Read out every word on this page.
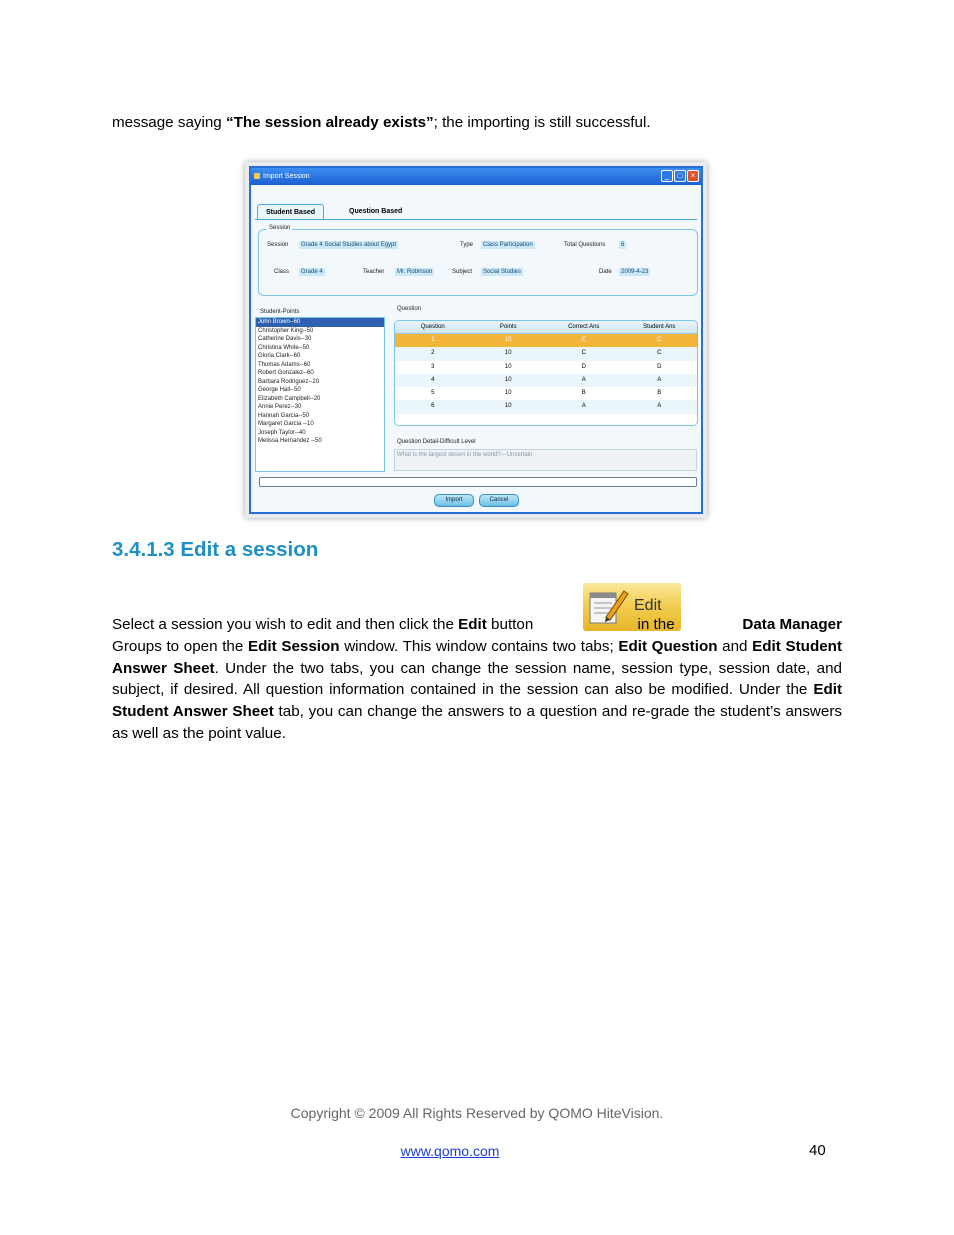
message saying “The session already exists”; the importing is still successful.
Import Session	_	□	×
Student Based	Question Based
Session
Session	Grade 4 Social Studies about Egypt	Type	Class Participation	Total Questions	6
Class	Grade 4	Teacher	Mr. Robinson	Subject	Social Studies	Date	2009-4-23
Student-Points
John Brown--60
Christopher King--50
Catherine Davis--30
Christina White--50
Gloria Clark--60
Thomas Adams--60
Robert Gonzalez--60
Barbara Rodriguez--20
George Hall--50
Elizabeth Campbell--20
Annie Perez--30
Hannah Garcia--50
Margaret Garcia --10
Joseph Taylor--40
Melissa Hernandez --50
Question
Question	Points	Correct Ans	Student Ans
1	10	C	C
2	10	C	C
3	10	D	D
4	10	A	A
5	10	B	B
6	10	A	A
Question Detail-Difficult Level
What is the largest desert in the world?---Uncertain
Import	Cancel
3.4.1.3 Edit a session
Edit
Select a session you wish to edit and then click the Edit button	in the	Data Manager
Groups to open the Edit Session window. This window contains two tabs; Edit Question and Edit Student Answer Sheet. Under the two tabs, you can change the session name, session type, session date, and subject, if desired. All question information contained in the session can also be modified. Under the Edit Student Answer Sheet tab, you can change the answers to a question and re-grade the student’s answers as well as the point value.
Copyright © 2009 All Rights Reserved by QOMO HiteVision.
www.qomo.com	40
